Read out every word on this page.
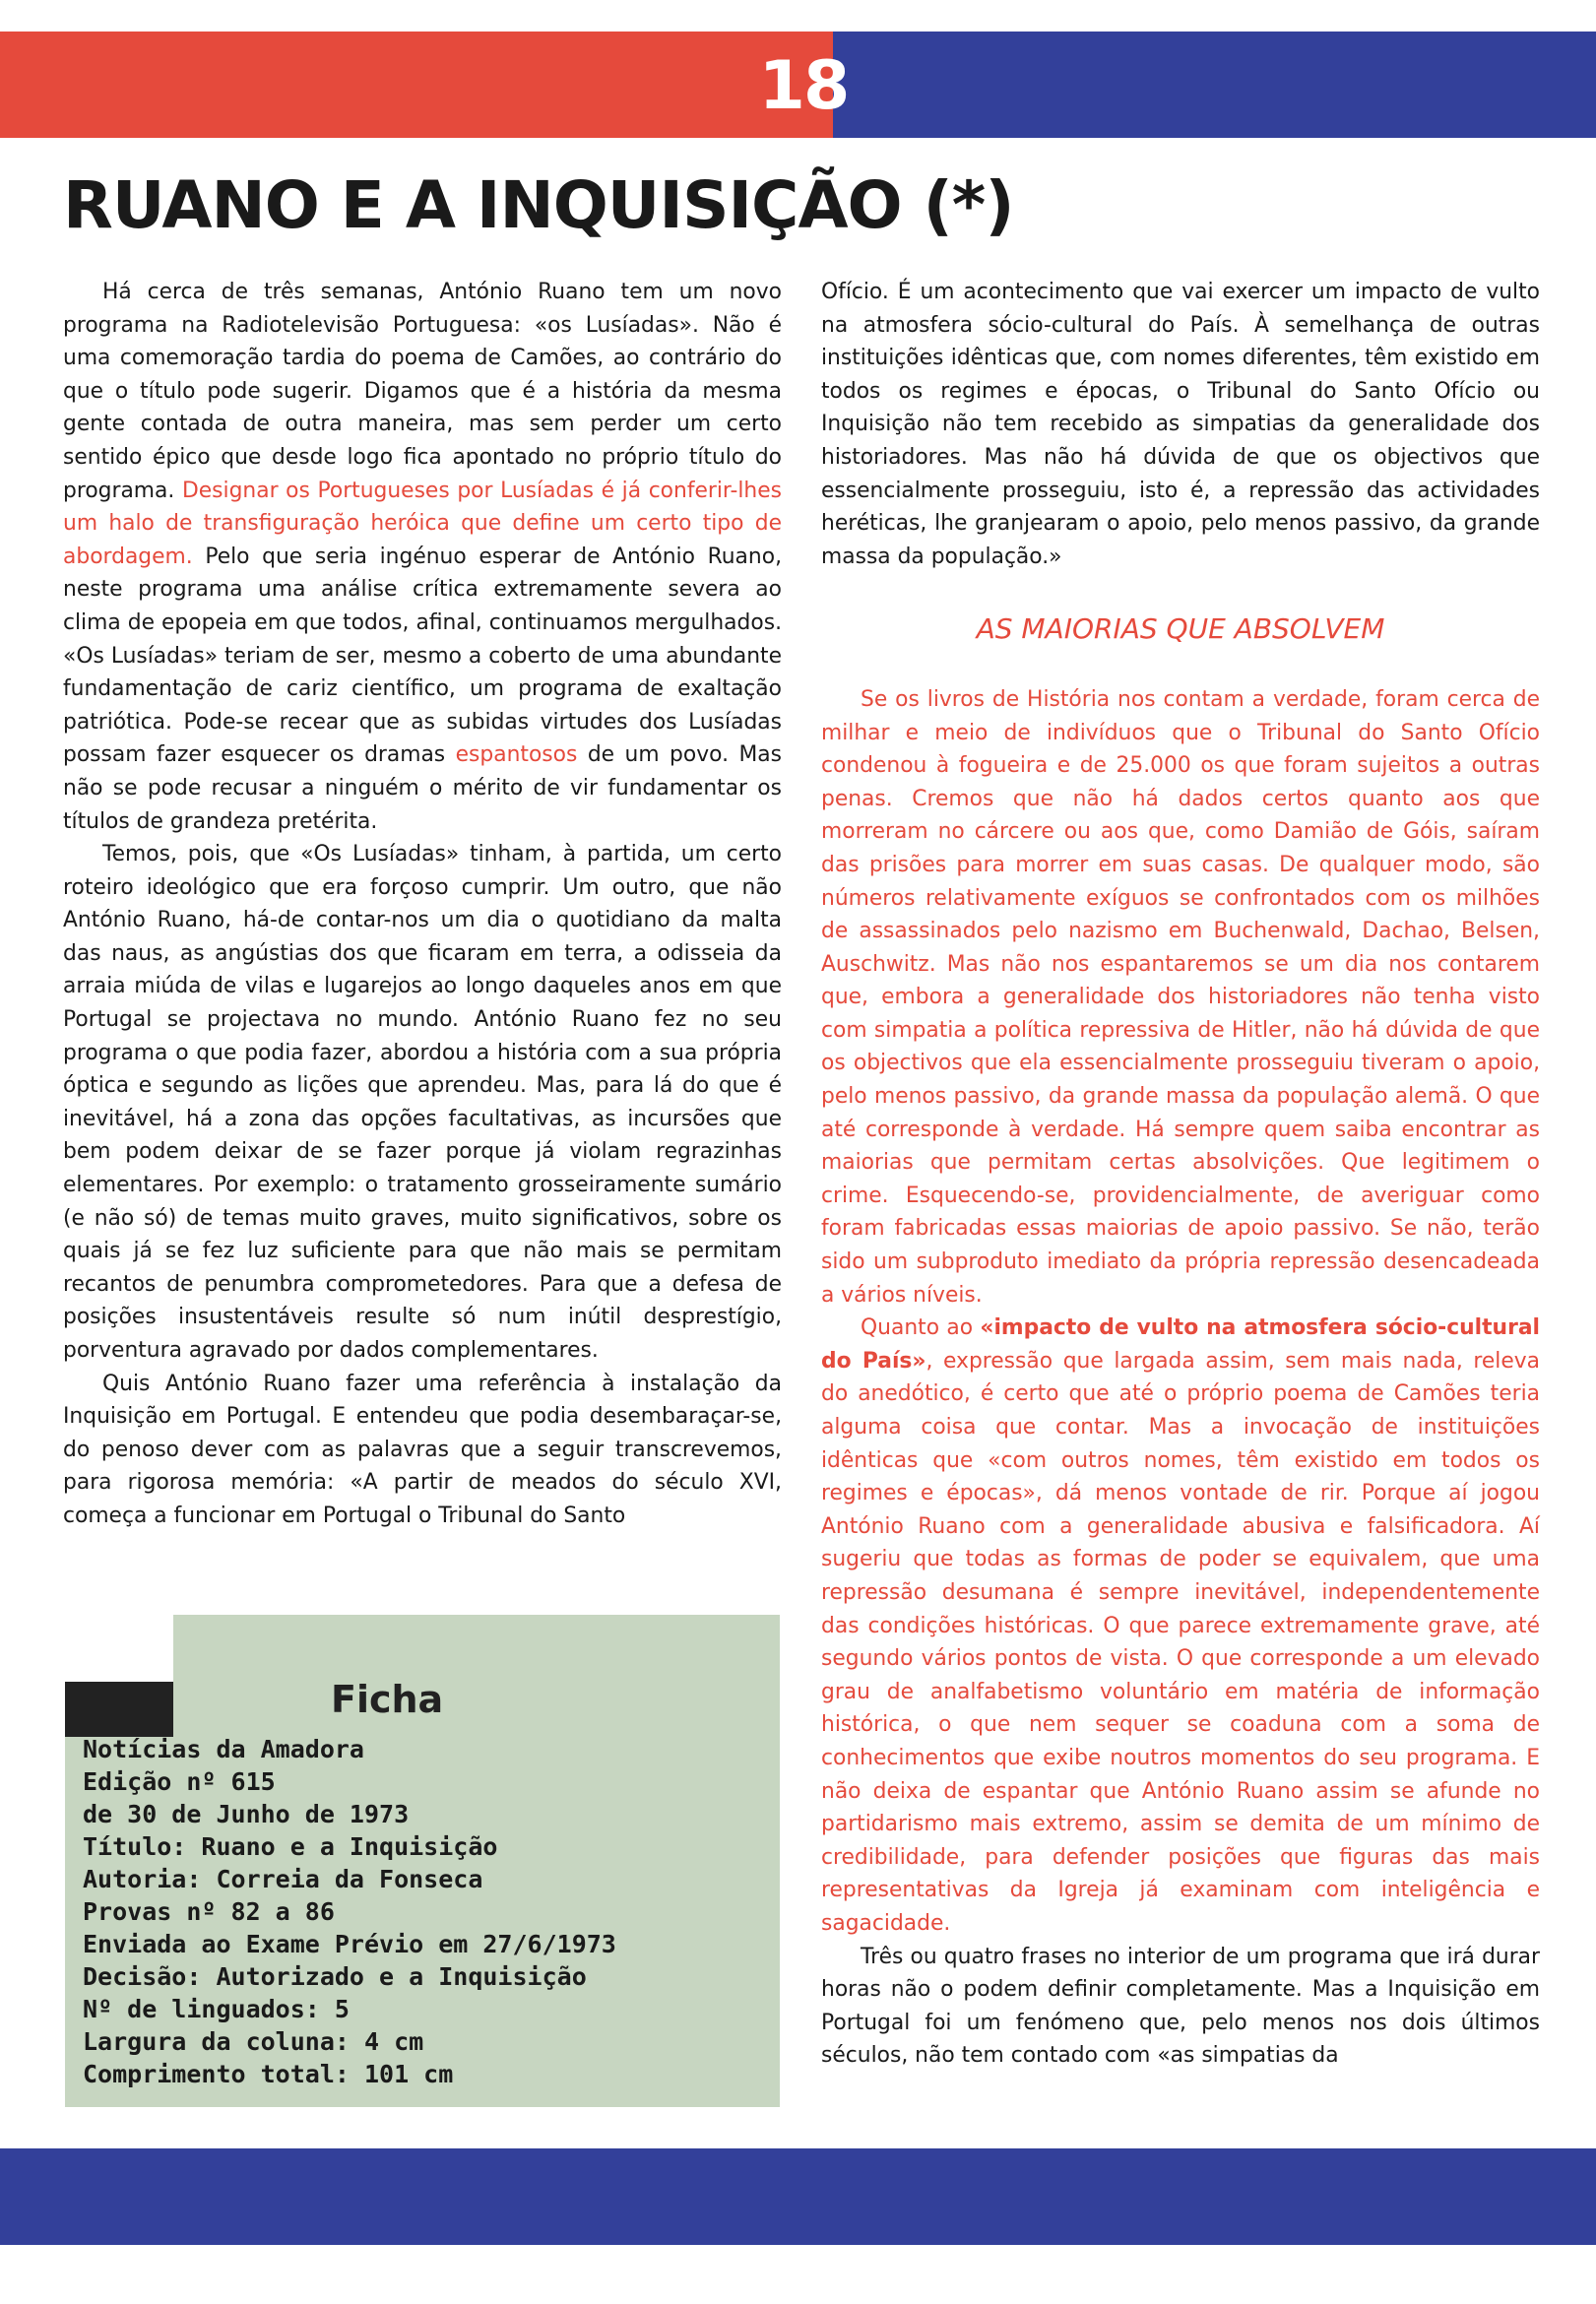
18
RUANO E A INQUISIÇÃO (*)

Há cerca de três semanas, António Ruano tem um novo programa na Radiotelevisão Portuguesa: «os Lusíadas». Não é uma comemoração tardia do poema de Camões, ao contrário do que o título pode sugerir. Digamos que é a história da mesma gente contada de outra maneira, mas sem perder um certo sentido épico que desde logo fica apontado no próprio título do programa. Designar os Portugueses por Lusíadas é já conferir-lhes um halo de transfiguração heróica que define um certo tipo de abordagem. Pelo que seria ingénuo esperar de António Ruano, neste programa uma análise crítica extremamente severa ao clima de epopeia em que todos, afinal, continuamos mergulhados. «Os Lusíadas» teriam de ser, mesmo a coberto de uma abundante fundamentação de cariz científico, um programa de exaltação patriótica. Pode-se recear que as subidas virtudes dos Lusíadas possam fazer esquecer os dramas espantosos de um povo. Mas não se pode recusar a ninguém o mérito de vir fundamentar os títulos de grandeza pretérita.

Temos, pois, que «Os Lusíadas» tinham, à partida, um certo roteiro ideológico que era forçoso cumprir. Um outro, que não António Ruano, há-de contar-nos um dia o quotidiano da malta das naus, as angústias dos que ficaram em terra, a odisseia da arraia miúda de vilas e lugarejos ao longo daqueles anos em que Portugal se projectava no mundo. António Ruano fez no seu programa o que podia fazer, abordou a história com a sua própria óptica e segundo as lições que aprendeu. Mas, para lá do que é inevitável, há a zona das opções facultativas, as incursões que bem podem deixar de se fazer porque já violam regrazinhas elementares. Por exemplo: o tratamento grosseiramente sumário (e não só) de temas muito graves, muito significativos, sobre os quais já se fez luz suficiente para que não mais se permitam recantos de penumbra comprometedores. Para que a defesa de posições insustentáveis resulte só num inútil desprestígio, porventura agravado por dados complementares.

Quis António Ruano fazer uma referência à instalação da Inquisição em Portugal. E entendeu que podia desembaraçar-se, do penoso dever com as palavras que a seguir transcrevemos, para rigorosa memória: «A partir de meados do século XVI, começa a funcionar em Portugal o Tribunal do Santo

Ofício. É um acontecimento que vai exercer um impacto de vulto na atmosfera sócio-cultural do País. À semelhança de outras instituições idênticas que, com nomes diferentes, têm existido em todos os regimes e épocas, o Tribunal do Santo Ofício ou Inquisição não tem recebido as simpatias da generalidade dos historiadores. Mas não há dúvida de que os objectivos que essencialmente prosseguiu, isto é, a repressão das actividades heréticas, lhe granjearam o apoio, pelo menos passivo, da grande massa da população.»

AS MAIORIAS QUE ABSOLVEM

Se os livros de História nos contam a verdade, foram cerca de milhar e meio de indivíduos que o Tribunal do Santo Ofício condenou à fogueira e de 25.000 os que foram sujeitos a outras penas. Cremos que não há dados certos quanto aos que morreram no cárcere ou aos que, como Damião de Góis, saíram das prisões para morrer em suas casas. De qualquer modo, são números relativamente exíguos se confrontados com os milhões de assassinados pelo nazismo em Buchenwald, Dachao, Belsen, Auschwitz. Mas não nos espantaremos se um dia nos contarem que, embora a generalidade dos historiadores não tenha visto com simpatia a política repressiva de Hitler, não há dúvida de que os objectivos que ela essencialmente prosseguiu tiveram o apoio, pelo menos passivo, da grande massa da população alemã. O que até corresponde à verdade. Há sempre quem saiba encontrar as maiorias que permitam certas absolvições. Que legitimem o crime. Esquecendo-se, providencialmente, de averiguar como foram fabricadas essas maiorias de apoio passivo. Se não, terão sido um subproduto imediato da própria repressão desencadeada a vários níveis.

Quanto ao «impacto de vulto na atmosfera sócio-cultural do País», expressão que largada assim, sem mais nada, releva do anedótico, é certo que até o próprio poema de Camões teria alguma coisa que contar. Mas a invocação de instituições idênticas que «com outros nomes, têm existido em todos os regimes e épocas», dá menos vontade de rir. Porque aí jogou António Ruano com a generalidade abusiva e falsificadora. Aí sugeriu que todas as formas de poder se equivalem, que uma repressão desumana é sempre inevitável, independentemente das condições históricas. O que parece extremamente grave, até segundo vários pontos de vista. O que corresponde a um elevado grau de analfabetismo voluntário em matéria de informação histórica, o que nem sequer se coaduna com a soma de conhecimentos que exibe noutros momentos do seu programa. E não deixa de espantar que António Ruano assim se afunde no partidarismo mais extremo, assim se demita de um mínimo de credibilidade, para defender posições que figuras das mais representativas da Igreja já examinam com inteligência e sagacidade.

Três ou quatro frases no interior de um programa que irá durar horas não o podem definir completamente. Mas a Inquisição em Portugal foi um fenómeno que, pelo menos nos dois últimos séculos, não tem contado com «as simpatias da

Ficha
Notícias da Amadora
Edição nº 615
de 30 de Junho de 1973
Título: Ruano e a Inquisição
Autoria: Correia da Fonseca
Provas nº 82 a 86
Enviada ao Exame Prévio em 27/6/1973
Decisão: Autorizado e a Inquisição
Nº de linguados: 5
Largura da coluna: 4 cm
Comprimento total: 101 cm
